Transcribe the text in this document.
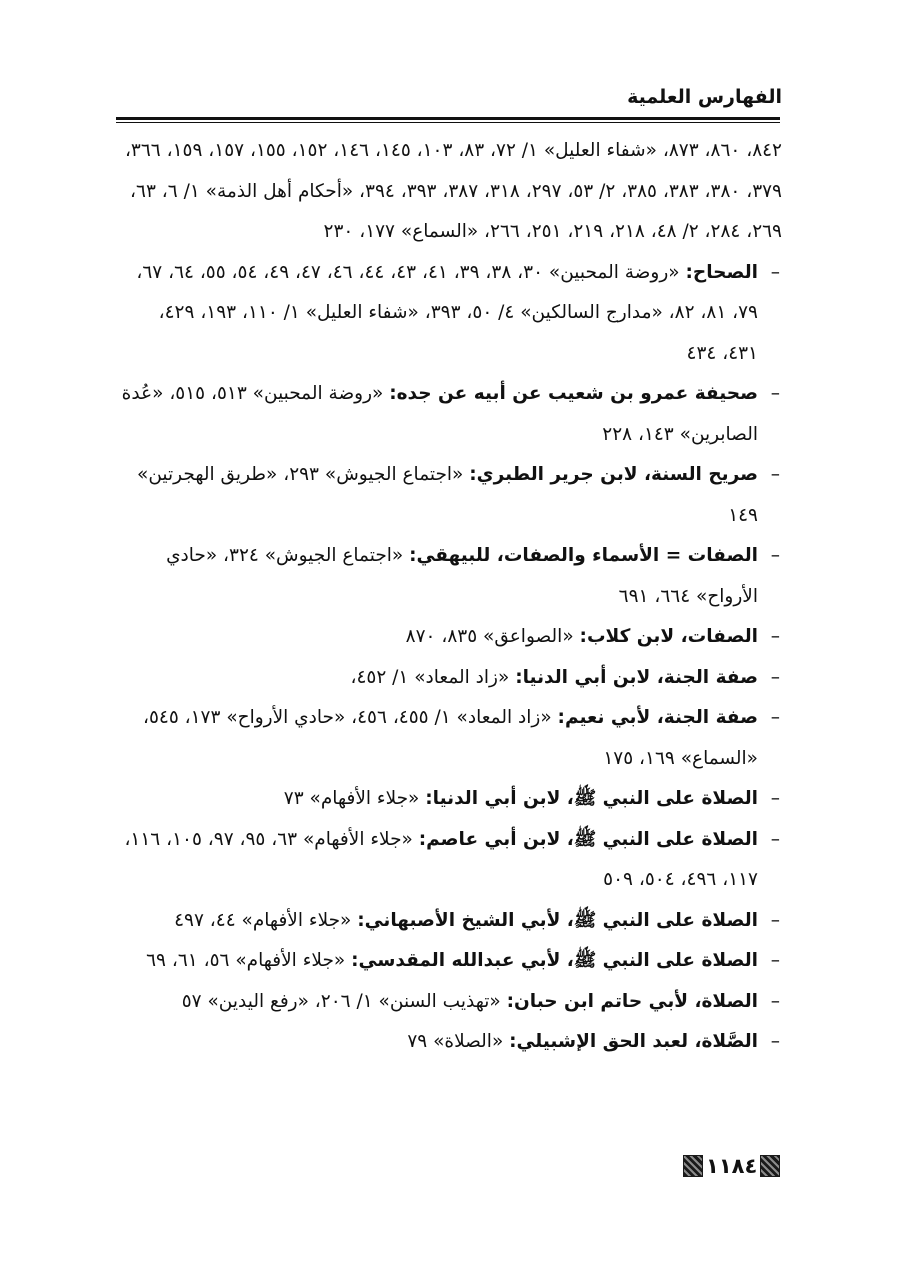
الفهارس العلمية

٨٤٢، ٨٦٠، ٨٧٣، «شفاء العليل» ١/ ٧٢، ٨٣، ١٠٣، ١٤٥، ١٤٦، ١٥٢، ١٥٥، ١٥٧، ١٥٩، ٣٦٦، ٣٧٩، ٣٨٠، ٣٨٣، ٣٨٥، ٢/ ٥٣، ٢٩٧، ٣١٨، ٣٨٧، ٣٩٣، ٣٩٤، «أحكام أهل الذمة» ١/ ٦، ٦٣، ٢٦٩، ٢٨٤، ٢/ ٤٨، ٢١٨، ٢١٩، ٢٥١، ٢٦٦، «السماع» ١٧٧، ٢٣٠

–
الصحاح: «روضة المحبين» ٣٠، ٣٨، ٣٩، ٤١، ٤٣، ٤٤، ٤٦، ٤٧، ٤٩، ٥٤، ٥٥، ٦٤، ٦٧، ٧٩، ٨١، ٨٢، «مدارج السالكين» ٤/ ٥٠، ٣٩٣، «شفاء العليل» ١/ ١١٠، ١٩٣، ٤٢٩، ٤٣١، ٤٣٤

–
صحيفة عمرو بن شعيب عن أبيه عن جده: «روضة المحبين» ٥١٣، ٥١٥، «عُدة الصابرين» ١٤٣، ٢٢٨

–
صريح السنة، لابن جرير الطبري: «اجتماع الجيوش» ٢٩٣، «طريق الهجرتين» ١٤٩

–
الصفات = الأسماء والصفات، للبيهقي: «اجتماع الجيوش» ٣٢٤، «حادي الأرواح» ٦٦٤، ٦٩١

–
الصفات، لابن كلاب: «الصواعق» ٨٣٥، ٨٧٠

–
صفة الجنة، لابن أبي الدنيا: «زاد المعاد» ١/ ٤٥٢،

–
صفة الجنة، لأبي نعيم: «زاد المعاد» ١/ ٤٥٥، ٤٥٦، «حادي الأرواح» ١٧٣، ٥٤٥، «السماع» ١٦٩، ١٧٥

–
الصلاة على النبي ﷺ، لابن أبي الدنيا: «جلاء الأفهام» ٧٣

–
الصلاة على النبي ﷺ، لابن أبي عاصم: «جلاء الأفهام» ٦٣، ٩٥، ٩٧، ١٠٥، ١١٦، ١١٧، ٤٩٦، ٥٠٤، ٥٠٩

–
الصلاة على النبي ﷺ، لأبي الشيخ الأصبهاني: «جلاء الأفهام» ٤٤، ٤٩٧

–
الصلاة على النبي ﷺ، لأبي عبدالله المقدسي: «جلاء الأفهام» ٥٦، ٦١، ٦٩

–
الصلاة، لأبي حاتم ابن حبان: «تهذيب السنن» ١/ ٢٠٦، «رفع اليدين» ٥٧

–
الصَّلاة، لعبد الحق الإشبيلي: «الصلاة» ٧٩

١١٨٤
